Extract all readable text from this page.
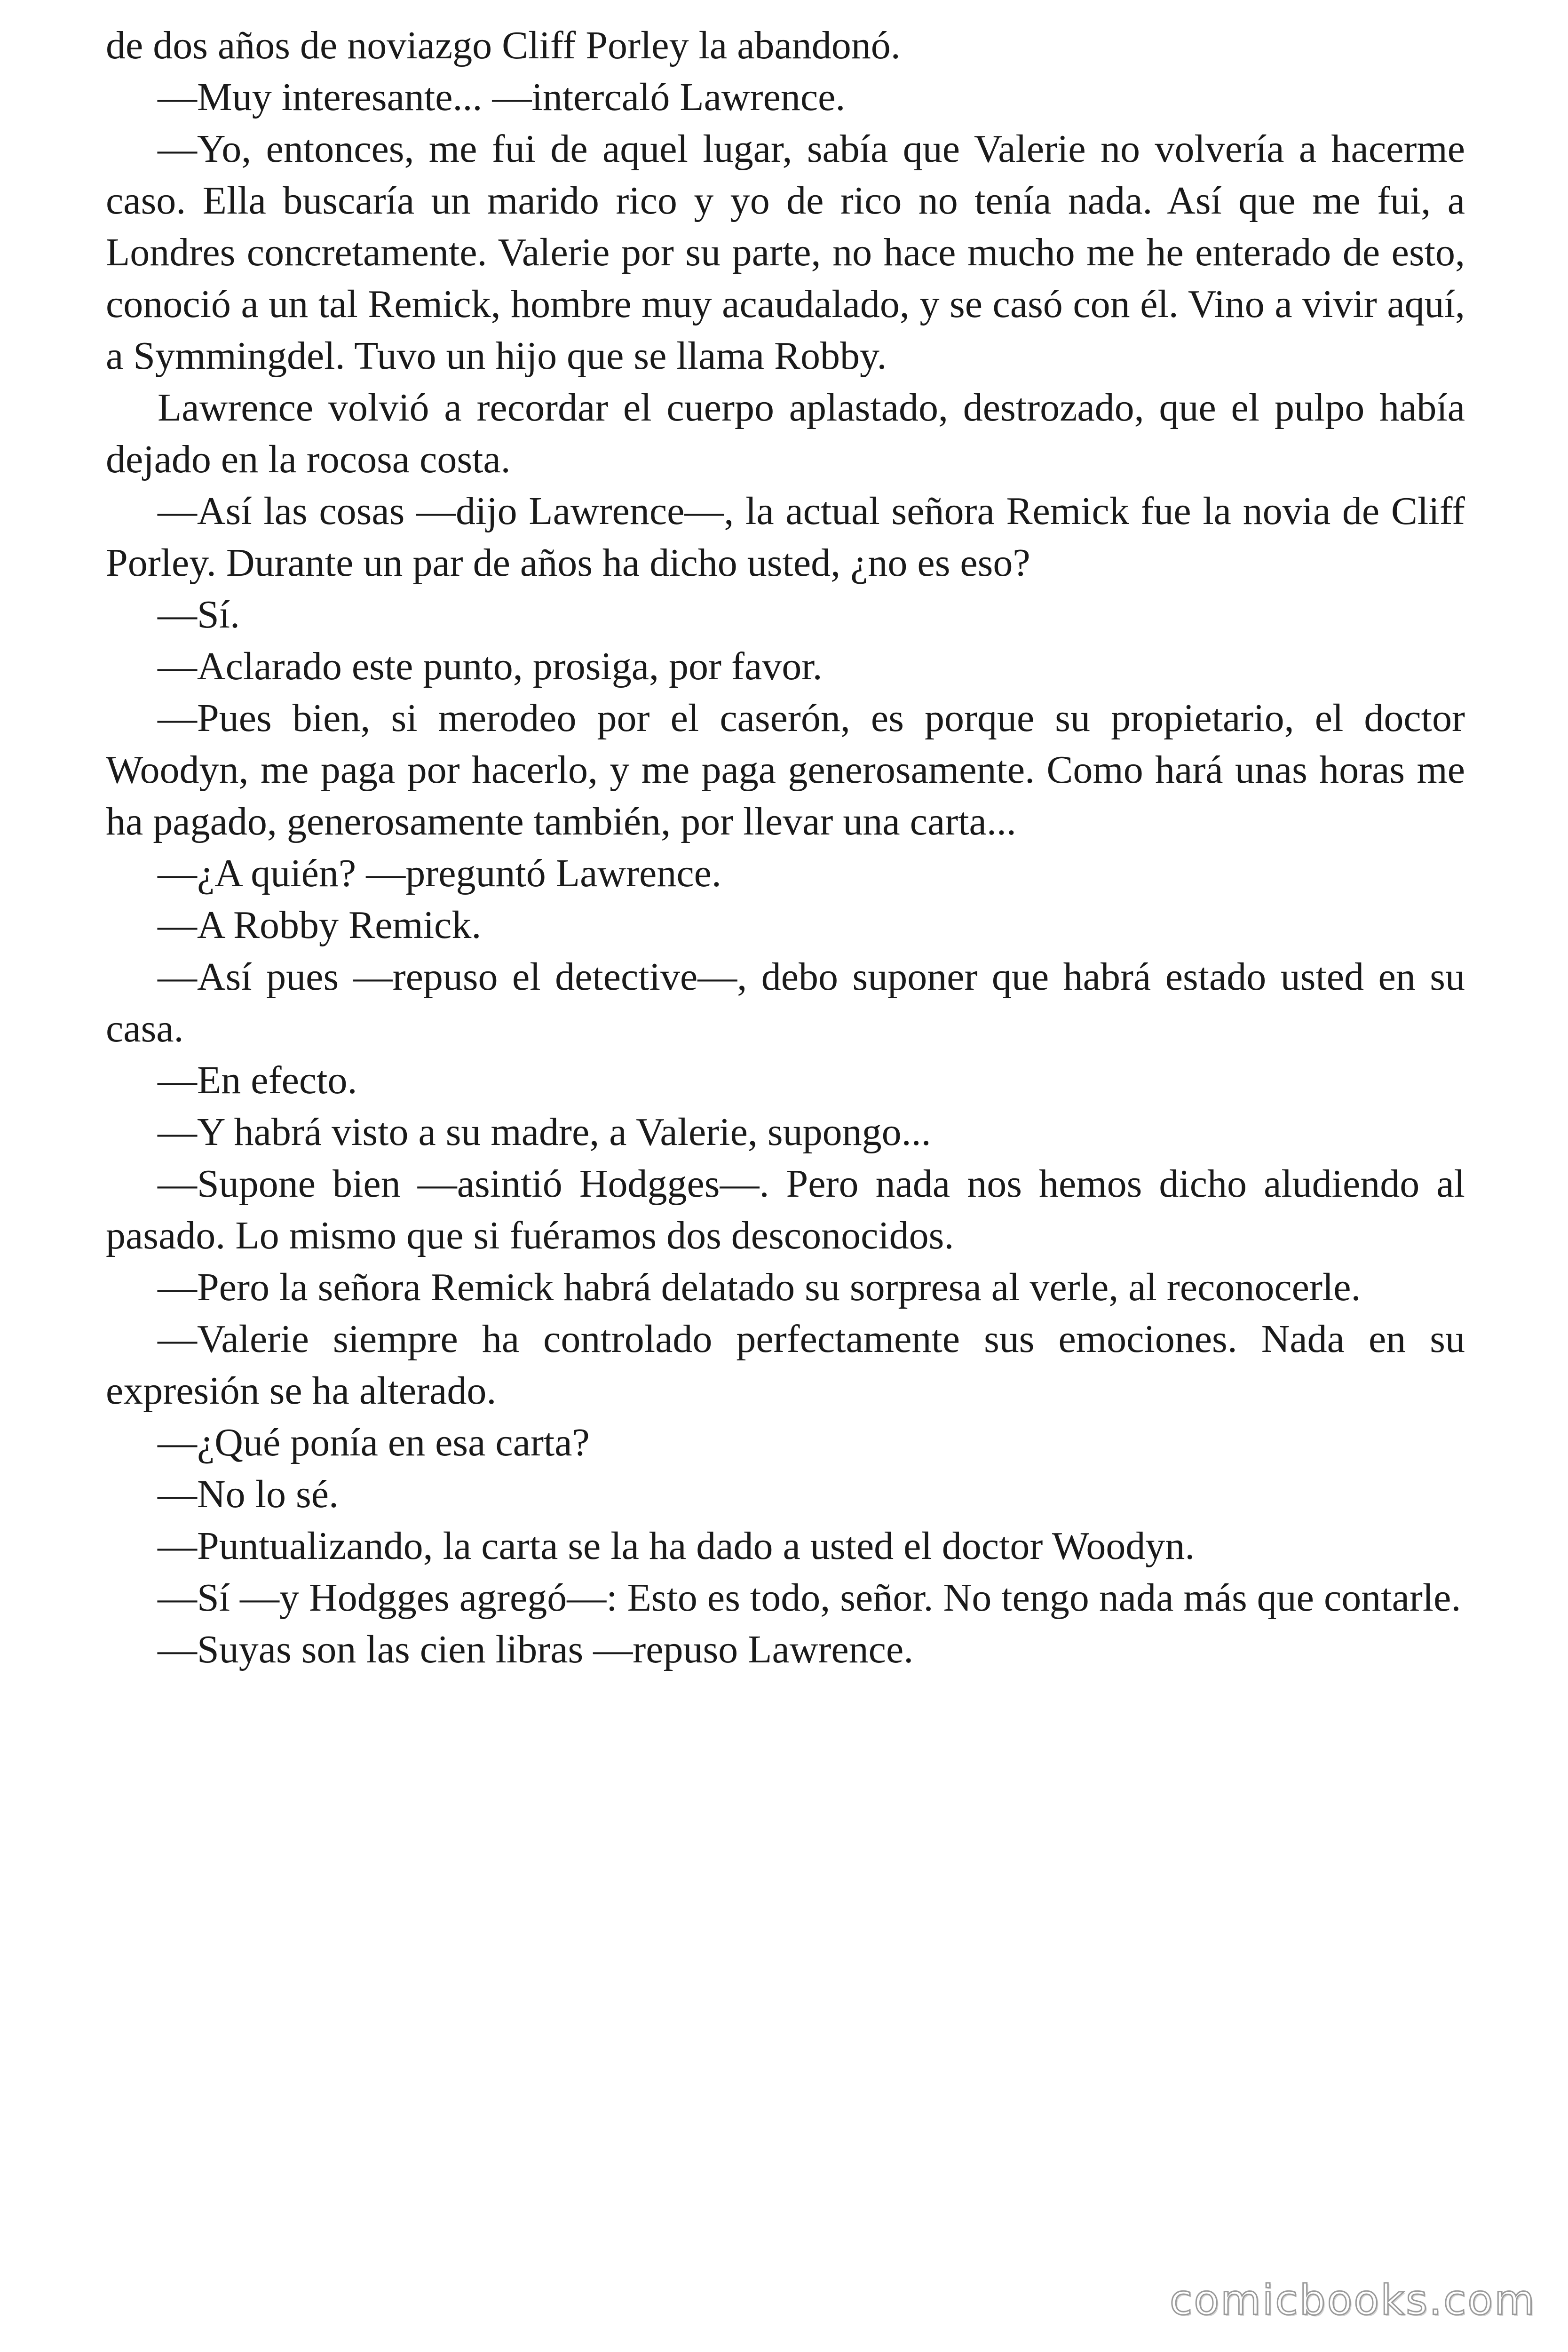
de dos años de noviazgo Cliff Porley la abandonó.

—Muy interesante... —intercaló Lawrence.

—Yo, entonces, me fui de aquel lugar, sabía que Valerie no volvería a hacerme caso. Ella buscaría un marido rico y yo de rico no tenía nada. Así que me fui, a Londres concretamente. Valerie por su parte, no hace mucho me he enterado de esto, conoció a un tal Remick, hombre muy acaudalado, y se casó con él. Vino a vivir aquí, a Symmingdel. Tuvo un hijo que se llama Robby.

Lawrence volvió a recordar el cuerpo aplastado, destrozado, que el pulpo había dejado en la rocosa costa.

—Así las cosas —dijo Lawrence—, la actual señora Remick fue la novia de Cliff Porley. Durante un par de años ha dicho usted, ¿no es eso?

—Sí.

—Aclarado este punto, prosiga, por favor.

—Pues bien, si merodeo por el caserón, es porque su propietario, el doctor Woodyn, me paga por hacerlo, y me paga generosamente. Como hará unas horas me ha pagado, generosamente también, por llevar una carta...

—¿A quién? —preguntó Lawrence.

—A Robby Remick.

—Así pues —repuso el detective—, debo suponer que habrá estado usted en su casa.

—En efecto.

—Y habrá visto a su madre, a Valerie, supongo...

—Supone bien —asintió Hodgges—. Pero nada nos hemos dicho aludiendo al pasado. Lo mismo que si fuéramos dos desconocidos.

—Pero la señora Remick habrá delatado su sorpresa al verle, al reconocerle.

—Valerie siempre ha controlado perfectamente sus emociones. Nada en su expresión se ha alterado.

—¿Qué ponía en esa carta?

—No lo sé.

—Puntualizando, la carta se la ha dado a usted el doctor Woodyn.

—Sí —y Hodgges agregó—: Esto es todo, señor. No tengo nada más que contarle.

—Suyas son las cien libras —repuso Lawrence.

comicbooks.com
